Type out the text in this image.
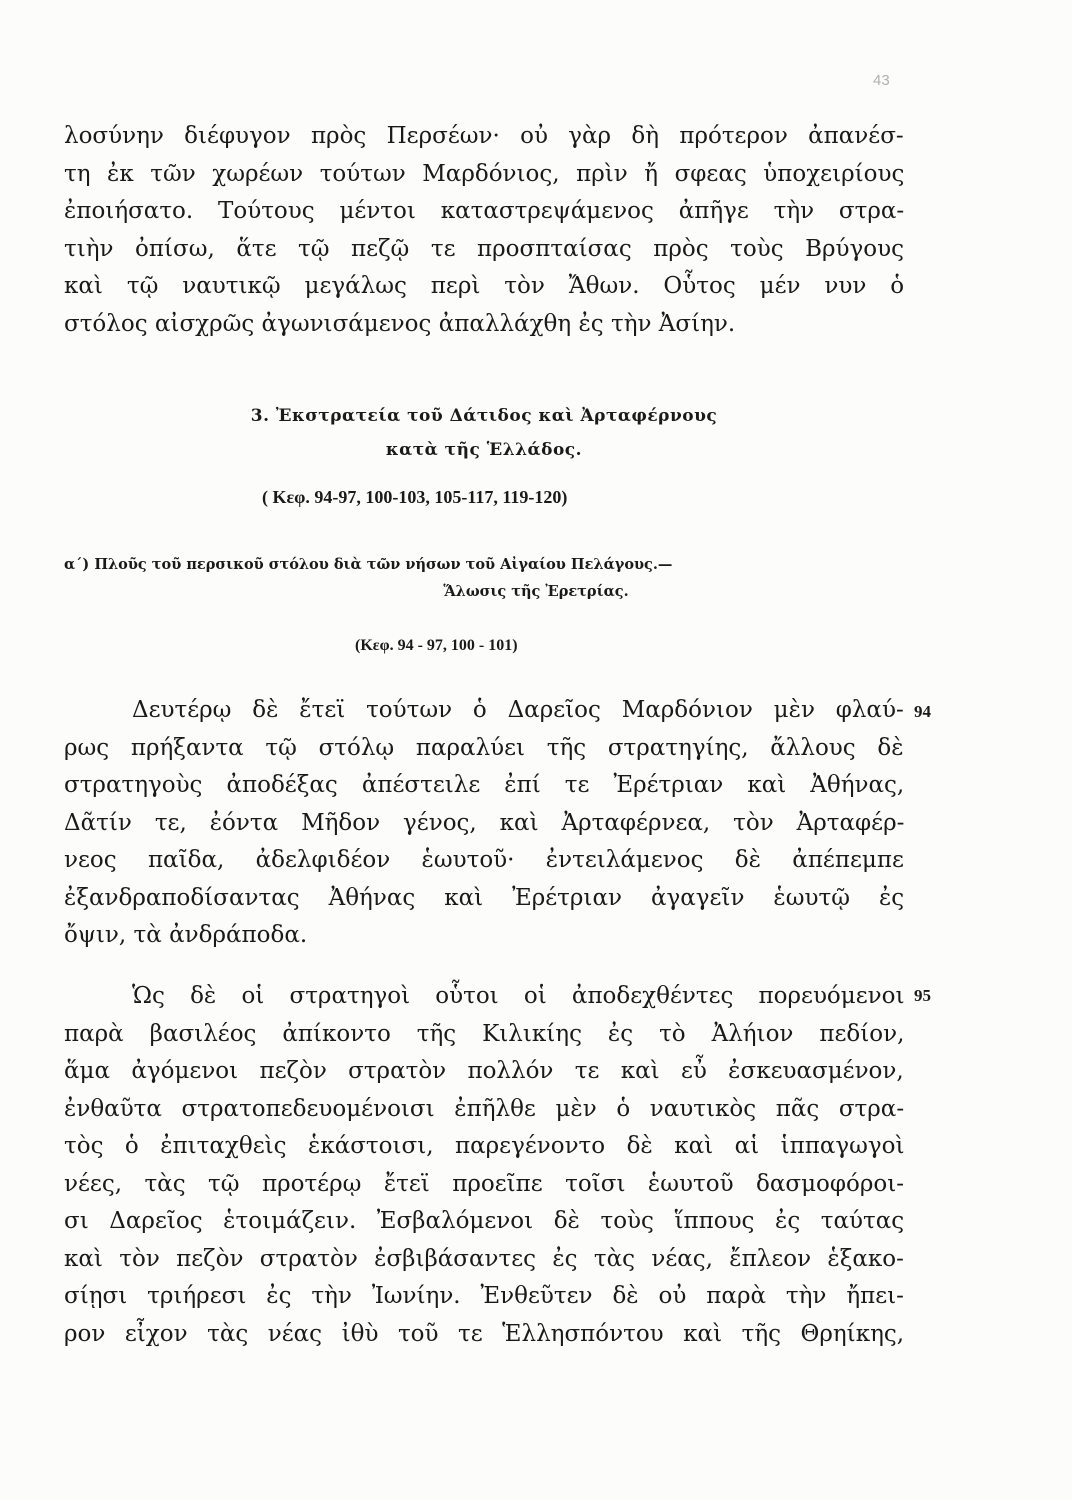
43
λοσύνην διέφυγον πρὸς Περσέων· οὐ γὰρ δὴ πρότερον ἀπανέσ-
τη ἐκ τῶν χωρέων τούτων Μαρδόνιος, πρὶν ἤ σφεας ὑποχειρίους
ἐποιήσατο. Τούτους μέντοι καταστρεψάμενος ἀπῆγε τὴν στρα-
τιὴν ὀπίσω, ἅτε τῷ πεζῷ τε προσπταίσας πρὸς τοὺς Βρύγους
καὶ τῷ ναυτικῷ μεγάλως περὶ τὸν Ἄθων. Οὗτος μέν νυν ὁ
στόλος αἰσχρῶς ἀγωνισάμενος ἀπαλλάχθη ἐς τὴν Ἀσίην.
3. Ἐκστρατεία τοῦ Δάτιδος καὶ Ἀρταφέρνους
κατὰ τῆς Ἑλλάδος.
( Κεφ. 94-97, 100-103, 105-117, 119-120)
α΄) Πλοῦς τοῦ περσικοῦ στόλου διὰ τῶν νήσων τοῦ Αἰγαίου Πελάγους.—
Ἅλωσις τῆς Ἐρετρίας.
(Κεφ. 94 - 97, 100 - 101)
Δευτέρῳ δὲ ἔτεϊ τούτων ὁ Δαρεῖος Μαρδόνιον μὲν φλαύ-
ρως πρήξαντα τῷ στόλῳ παραλύει τῆς στρατηγίης, ἄλλους δὲ
στρατηγοὺς ἀποδέξας ἀπέστειλε ἐπί τε Ἐρέτριαν καὶ Ἀθήνας,
Δᾶτίν τε, ἐόντα Μῆδον γένος, καὶ Ἀρταφέρνεα, τὸν Ἀρταφέρ-
νεος παῖδα, ἀδελφιδέον ἑωυτοῦ· ἐντειλάμενος δὲ ἀπέπεμπε
ἐξανδραποδίσαντας Ἀθήνας καὶ Ἐρέτριαν ἀγαγεῖν ἑωυτῷ ἐς
ὄψιν, τὰ ἀνδράποδα.
94
Ὡς δὲ οἱ στρατηγοὶ οὗτοι οἱ ἀποδεχθέντες πορευόμενοι
παρὰ βασιλέος ἀπίκοντο τῆς Κιλικίης ἐς τὸ Ἀλήιον πεδίον,
ἅμα ἀγόμενοι πεζὸν στρατὸν πολλόν τε καὶ εὖ ἐσκευασμένον,
ἐνθαῦτα στρατοπεδευομένοισι ἐπῆλθε μὲν ὁ ναυτικὸς πᾶς στρα-
τὸς ὁ ἐπιταχθεὶς ἑκάστοισι, παρεγένοντο δὲ καὶ αἱ ἱππαγωγοὶ
νέες, τὰς τῷ προτέρῳ ἔτεϊ προεῖπε τοῖσι ἑωυτοῦ δασμοφόροι-
σι Δαρεῖος ἑτοιμάζειν. Ἐσβαλόμενοι δὲ τοὺς ἵππους ἐς ταύτας
καὶ τὸν πεζὸν στρατὸν ἐσβιβάσαντες ἐς τὰς νέας, ἔπλεον ἑξακο-
σίῃσι τριήρεσι ἐς τὴν Ἰωνίην. Ἐνθεῦτεν δὲ οὐ παρὰ τὴν ἤπει-
ρον εἶχον τὰς νέας ἰθὺ τοῦ τε Ἑλλησπόντου καὶ τῆς Θρηίκης,
95
